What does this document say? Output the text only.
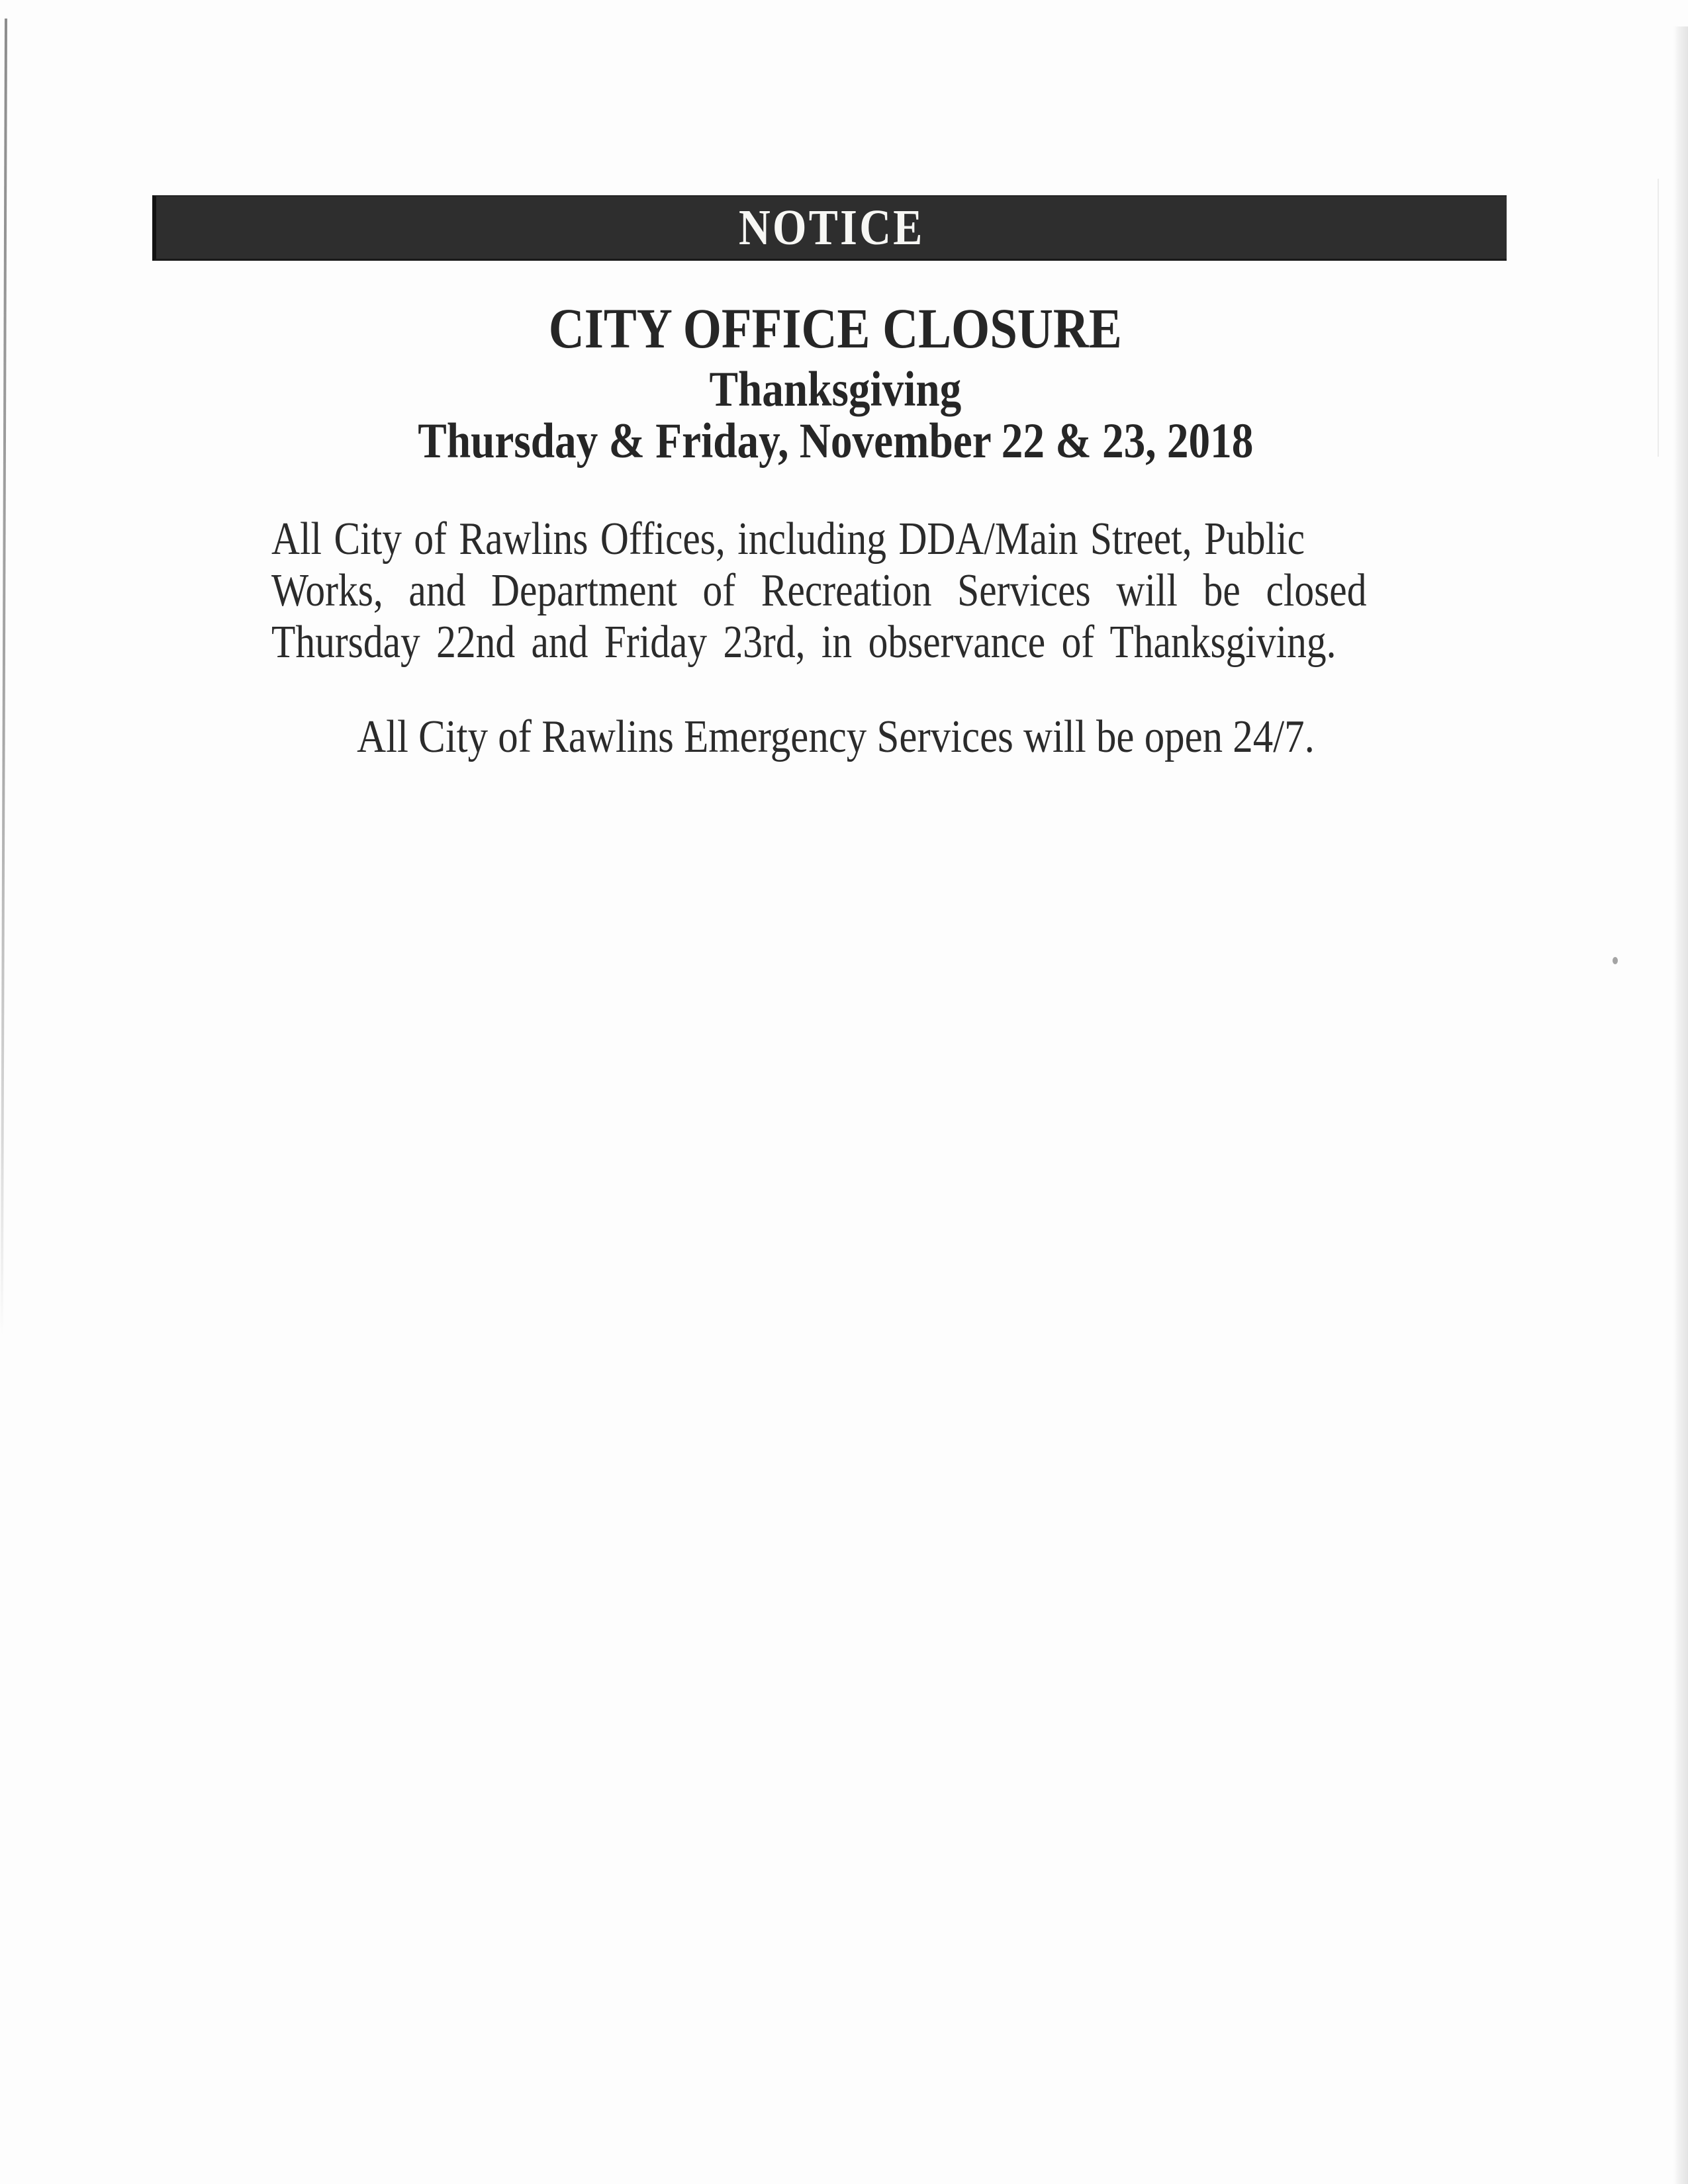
NOTICE
CITY OFFICE CLOSURE
Thanksgiving
Thursday & Friday, November 22 & 23, 2018
All City of Rawlins Offices, including DDA/Main Street, Public
Works, and Department of Recreation Services will be closed
Thursday 22nd and Friday 23rd, in observance of Thanksgiving.
All City of Rawlins Emergency Services will be open 24/7.
